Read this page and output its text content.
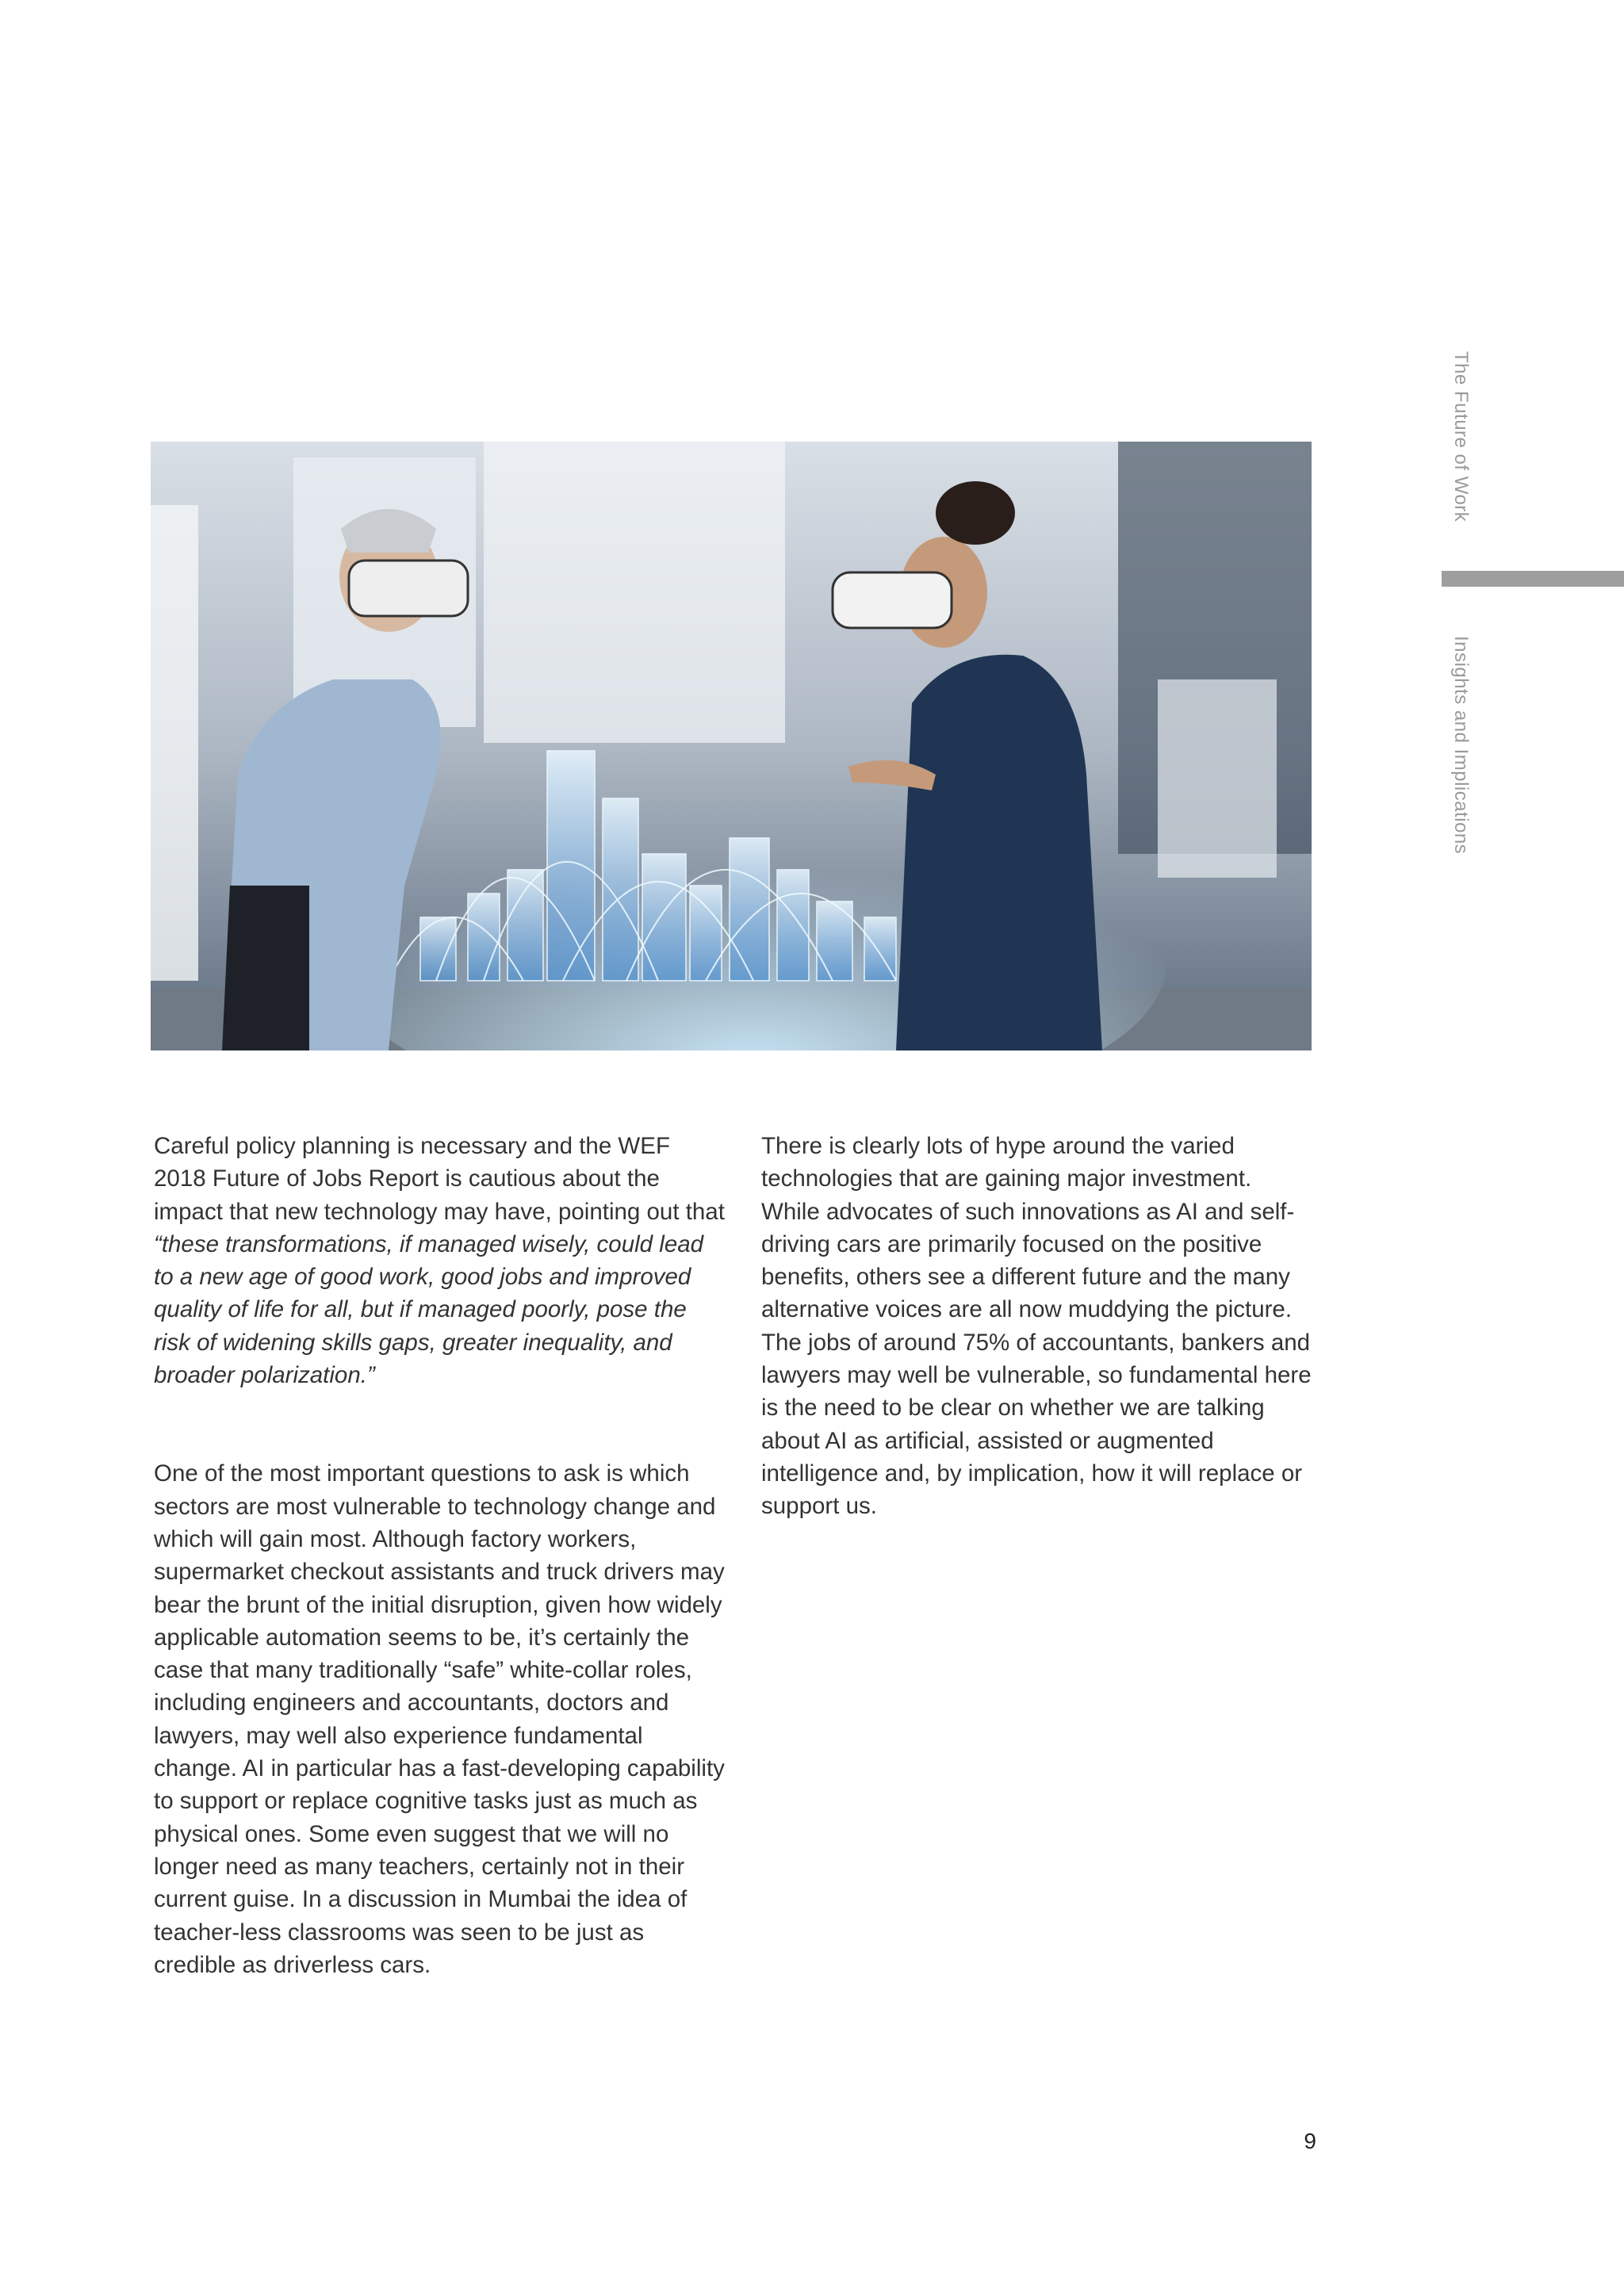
The Future of Work
Insights and Implications

Careful policy planning is necessary and the WEF 2018 Future of Jobs Report is cautious about the impact that new technology may have, pointing out that “these transformations, if managed wisely, could lead to a new age of good work, good jobs and improved quality of life for all, but if managed poorly, pose the risk of widening skills gaps, greater inequality, and broader polarization.”

One of the most important questions to ask is which sectors are most vulnerable to technology change and which will gain most. Although factory workers, supermarket checkout assistants and truck drivers may bear the brunt of the initial disruption, given how widely applicable automation seems to be, it’s certainly the case that many traditionally “safe” white-collar roles, including engineers and accountants, doctors and lawyers, may well also experience fundamental change. AI in particular has a fast-developing capability to support or replace cognitive tasks just as much as physical ones. Some even suggest that we will no longer need as many teachers, certainly not in their current guise. In a discussion in Mumbai the idea of teacher-less classrooms was seen to be just as credible as driverless cars.

There is clearly lots of hype around the varied technologies that are gaining major investment. While advocates of such innovations as AI and self-driving cars are primarily focused on the positive benefits, others see a different future and the many alternative voices are all now muddying the picture. The jobs of around 75% of accountants, bankers and lawyers may well be vulnerable, so fundamental here is the need to be clear on whether we are talking about AI as artificial, assisted or augmented intelligence and, by implication, how it will replace or support us.

9
